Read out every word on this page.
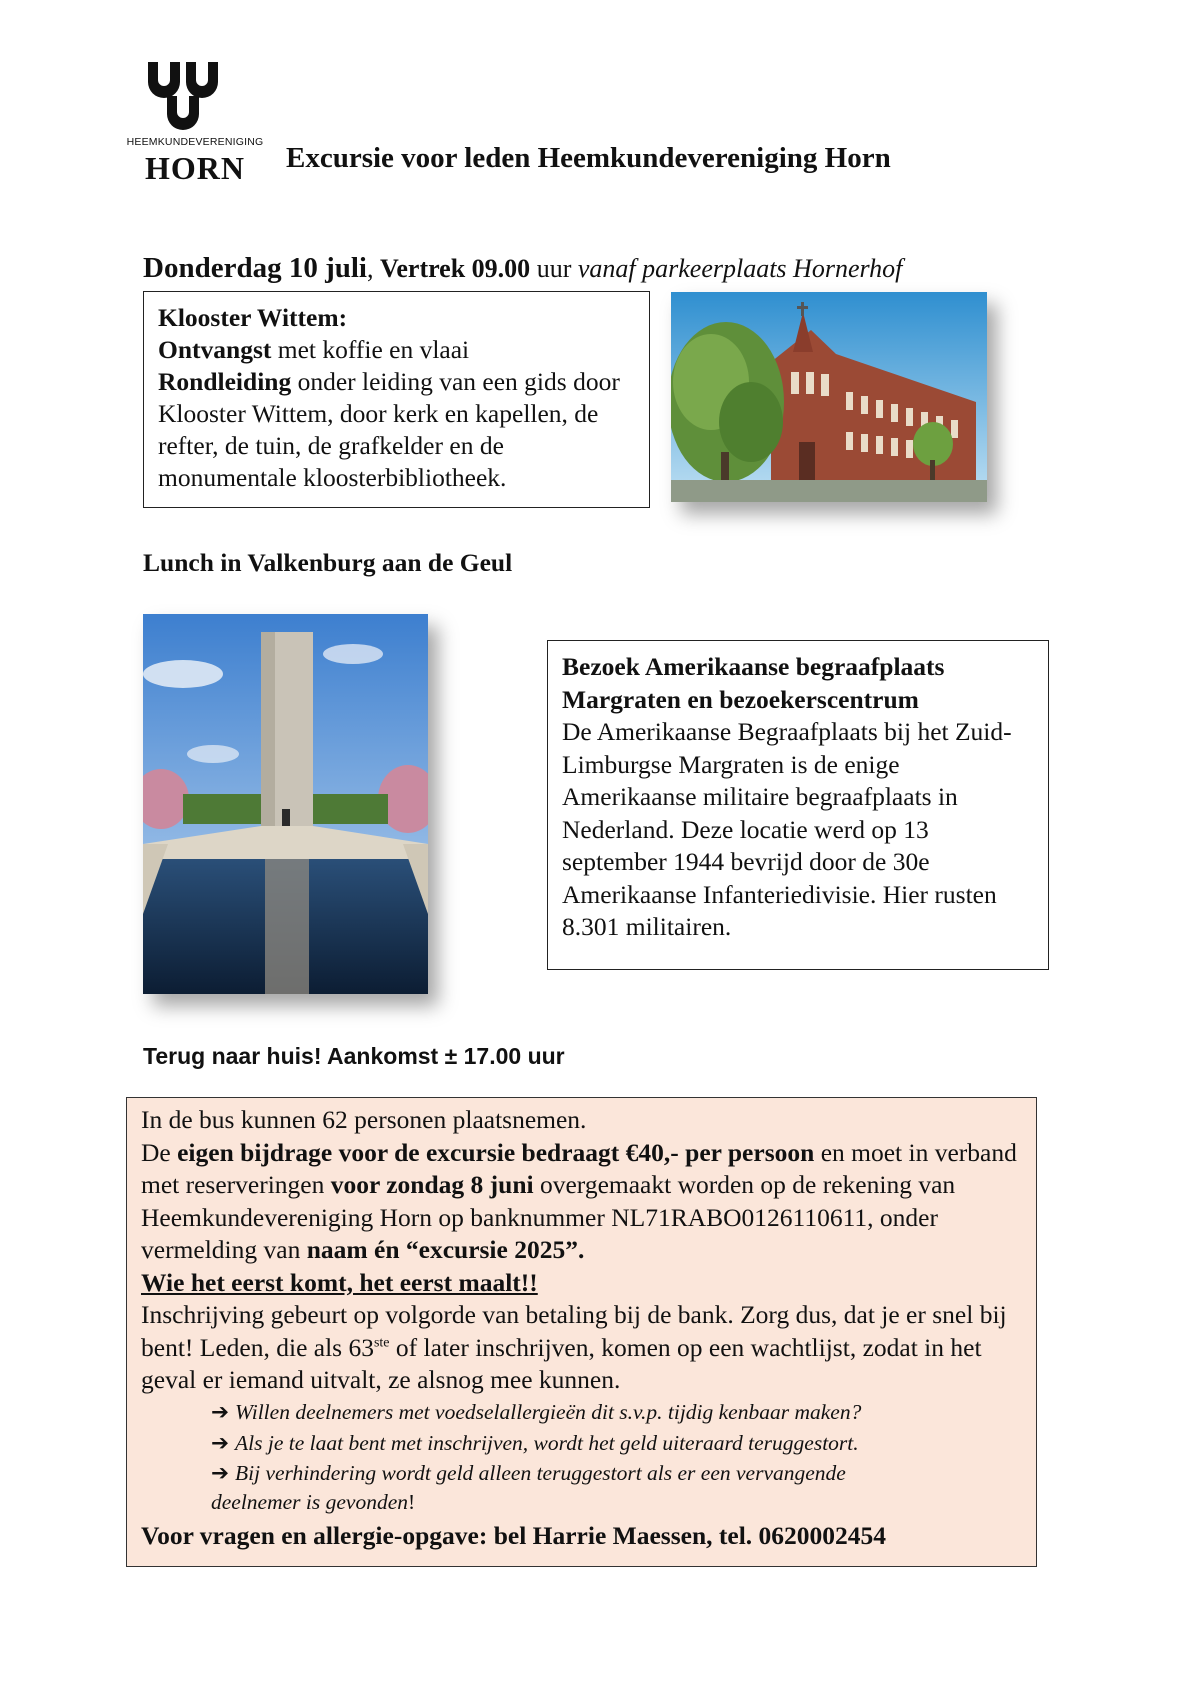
HEEMKUNDEVERENIGING
HORN	Excursie voor leden Heemkundevereniging Horn
Donderdag 10 juli, Vertrek 09.00 uur vanaf parkeerplaats Hornerhof
Klooster Wittem:
Ontvangst met koffie en vlaai
Rondleiding onder leiding van een gids door Klooster Wittem, door kerk en kapellen, de refter, de tuin, de grafkelder en de monumentale kloosterbibliotheek.
Lunch in Valkenburg aan de Geul
Bezoek Amerikaanse begraafplaats Margraten en bezoekerscentrum
De Amerikaanse Begraafplaats bij het Zuid-Limburgse Margraten is de enige Amerikaanse militaire begraafplaats in Nederland. Deze locatie werd op 13 september 1944 bevrijd door de 30e Amerikaanse Infanteriedivisie. Hier rusten 8.301 militairen.
Terug naar huis! Aankomst ± 17.00 uur

In de bus kunnen 62 personen plaatsnemen.

De eigen bijdrage voor de excursie bedraagt €40,- per persoon en moet in verband met reserveringen voor zondag 8 juni overgemaakt worden op de rekening van Heemkundevereniging Horn op banknummer NL71RABO0126110611, onder vermelding van naam én “excursie 2025”.

Wie het eerst komt, het eerst maalt!!

Inschrijving gebeurt op volgorde van betaling bij de bank. Zorg dus, dat je er snel bij bent! Leden, die als 63ste of later inschrijven, komen op een wachtlijst, zodat in het geval er iemand uitvalt, ze alsnog mee kunnen.

➔ Willen deelnemers met voedselallergieën dit s.v.p. tijdig kenbaar maken?

➔ Als je te laat bent met inschrijven, wordt het geld uiteraard teruggestort.

➔ Bij verhindering wordt geld alleen teruggestort als er een vervangende

deelnemer is gevonden!

Voor vragen en allergie-opgave: bel Harrie Maessen, tel. 0620002454
